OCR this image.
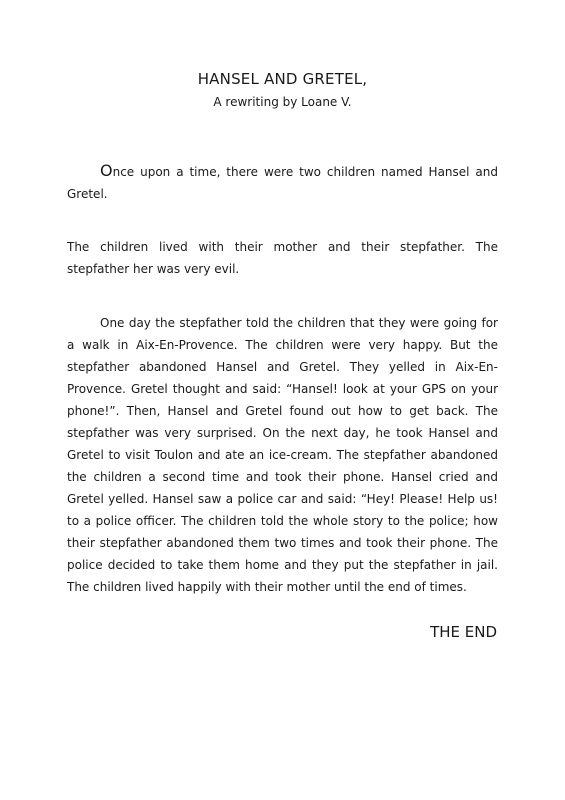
HANSEL AND GRETEL,
A rewriting by Loane V.

Once upon a time, there were two children named Hansel and Gretel.

The children lived with their mother and their stepfather. The stepfather her was very evil.

One day the stepfather told the children that they were going for a walk in Aix-En-Provence. The children were very happy. But the stepfather abandoned Hansel and Gretel. They yelled in Aix-En-Provence. Gretel thought and said: “Hansel! look at your GPS on your phone!”. Then, Hansel and Gretel found out how to get back. The stepfather was very surprised. On the next day, he took Hansel and Gretel to visit Toulon and ate an ice-cream. The stepfather abandoned the children a second time and took their phone. Hansel cried and Gretel yelled. Hansel saw a police car and said: “Hey! Please! Help us! to a police officer. The children told the whole story to the police; how their stepfather abandoned them two times and took their phone. The police decided to take them home and they put the stepfather in jail. The children lived happily with their mother until the end of times.

THE END
